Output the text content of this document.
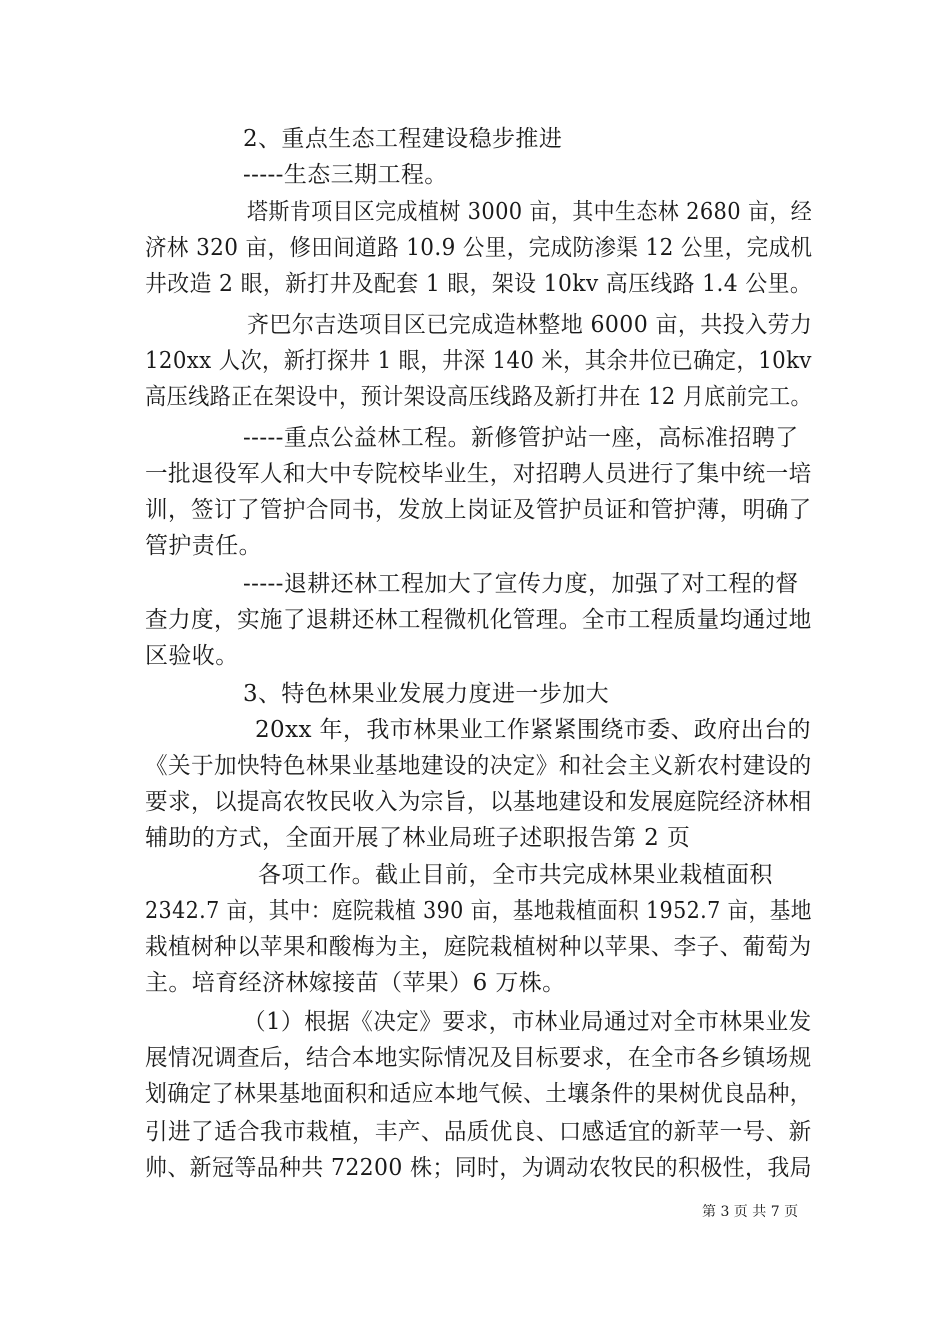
2、重点生态工程建设稳步推进
-----生态三期工程。
塔斯肯项目区完成植树 3000 亩，其中生态林 2680 亩，经
济林 320 亩，修田间道路 10.9 公里，完成防渗渠 12 公里，完成机
井改造 2 眼，新打井及配套 1 眼，架设 10kv 高压线路 1.4 公里。
齐巴尔吉迭项目区已完成造林整地 6000 亩，共投入劳力
120xx 人次，新打探井 1 眼，井深 140 米，其余井位已确定，10kv
高压线路正在架设中，预计架设高压线路及新打井在 12 月底前完工。
-----重点公益林工程。新修管护站一座，高标准招聘了
一批退役军人和大中专院校毕业生，对招聘人员进行了集中统一培
训，签订了管护合同书，发放上岗证及管护员证和管护薄，明确了
管护责任。
-----退耕还林工程加大了宣传力度，加强了对工程的督
查力度，实施了退耕还林工程微机化管理。全市工程质量均通过地
区验收。
3、特色林果业发展力度进一步加大
20xx 年，我市林果业工作紧紧围绕市委、政府出台的
《关于加快特色林果业基地建设的决定》和社会主义新农村建设的
要求，以提高农牧民收入为宗旨，以基地建设和发展庭院经济林相
辅助的方式，全面开展了林业局班子述职报告第 2 页
各项工作。截止目前，全市共完成林果业栽植面积
2342.7 亩，其中：庭院栽植 390 亩，基地栽植面积 1952.7 亩，基地
栽植树种以苹果和酸梅为主，庭院栽植树种以苹果、李子、葡萄为
主。培育经济林嫁接苗（苹果）6 万株。
（1）根据《决定》要求，市林业局通过对全市林果业发
展情况调查后，结合本地实际情况及目标要求，在全市各乡镇场规
划确定了林果基地面积和适应本地气候、土壤条件的果树优良品种，
引进了适合我市栽植，丰产、品质优良、口感适宜的新苹一号、新
帅、新冠等品种共 72200 株；同时，为调动农牧民的积极性，我局
第 3 页 共 7 页
